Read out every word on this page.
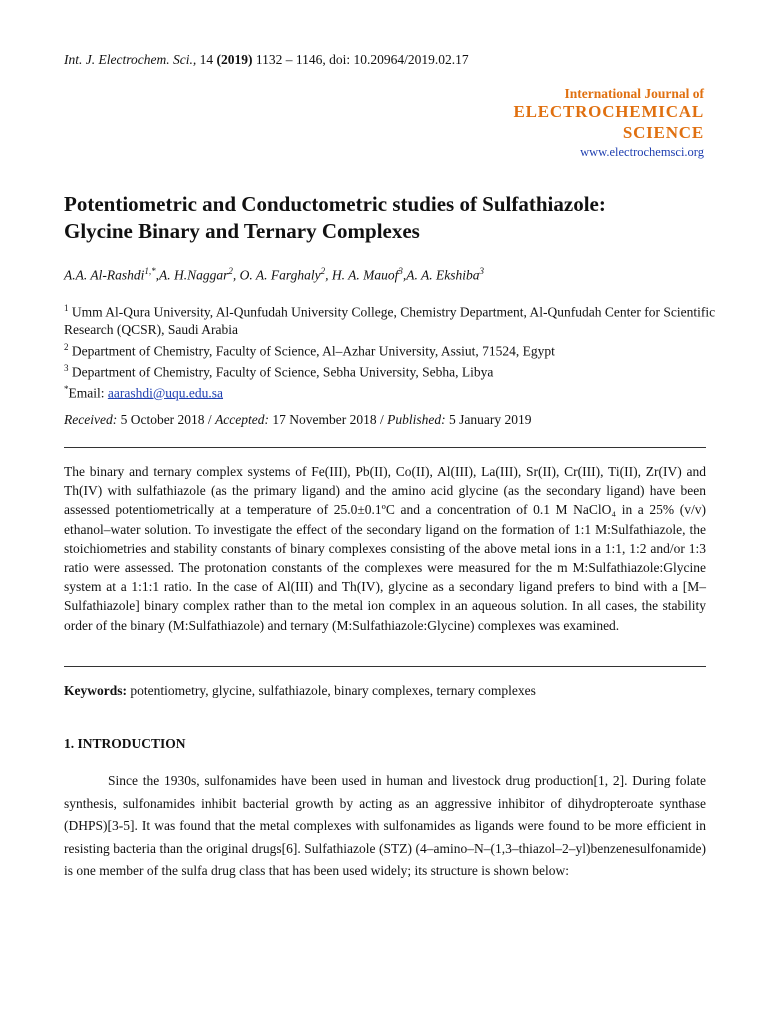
Int. J. Electrochem. Sci., 14 (2019) 1132 – 1146, doi: 10.20964/2019.02.17
International Journal of
ELECTROCHEMICAL
SCIENCE
www.electrochemsci.org
Potentiometric and Conductometric studies of Sulfathiazole:
Glycine Binary and Ternary Complexes
A.A. Al-Rashdi$^{1,*}$,A. H.Naggar$^2$, O. A. Farghaly$^2$, H. A. Mauof$^3$,A. A. Ekshiba$^3$
$^1$ Umm Al-Qura University, Al-Qunfudah University College, Chemistry Department, Al-Qunfudah Center for Scientific Research (QCSR), Saudi Arabia
$^2$ Department of Chemistry, Faculty of Science, Al–Azhar University, Assiut, 71524, Egypt
$^3$ Department of Chemistry, Faculty of Science, Sebha University, Sebha, Libya
*Email: aarashdi@uqu.edu.sa
Received: 5 October 2018 / Accepted: 17 November 2018 / Published: 5 January 2019
The binary and ternary complex systems of Fe(III), Pb(II), Co(II), Al(III), La(III), Sr(II), Cr(III), Ti(II), Zr(IV) and Th(IV) with sulfathiazole (as the primary ligand) and the amino acid glycine (as the secondary ligand) have been assessed potentiometrically at a temperature of 25.0±0.1ºC and a concentration of 0.1 M NaClO₄ in a 25% (v/v) ethanol–water solution. To investigate the effect of the secondary ligand on the formation of 1:1 M:Sulfathiazole, the stoichiometries and stability constants of binary complexes consisting of the above metal ions in a 1:1, 1:2 and/or 1:3 ratio were assessed. The protonation constants of the complexes were measured for the m M:Sulfathiazole:Glycine system at a 1:1:1 ratio. In the case of Al(III) and Th(IV), glycine as a secondary ligand prefers to bind with a [M–Sulfathiazole] binary complex rather than to the metal ion complex in an aqueous solution. In all cases, the stability order of the binary (M:Sulfathiazole) and ternary (M:Sulfathiazole:Glycine) complexes was examined.
Keywords: potentiometry, glycine, sulfathiazole, binary complexes, ternary complexes
1. INTRODUCTION
Since the 1930s, sulfonamides have been used in human and livestock drug production[1, 2]. During folate synthesis, sulfonamides inhibit bacterial growth by acting as an aggressive inhibitor of dihydropteroate synthase (DHPS)[3-5]. It was found that the metal complexes with sulfonamides as ligands were found to be more efficient in resisting bacteria than the original drugs[6]. Sulfathiazole (STZ) (4–amino–N–(1,3–thiazol–2–yl)benzenesulfonamide) is one member of the sulfa drug class that has been used widely; its structure is shown below:
